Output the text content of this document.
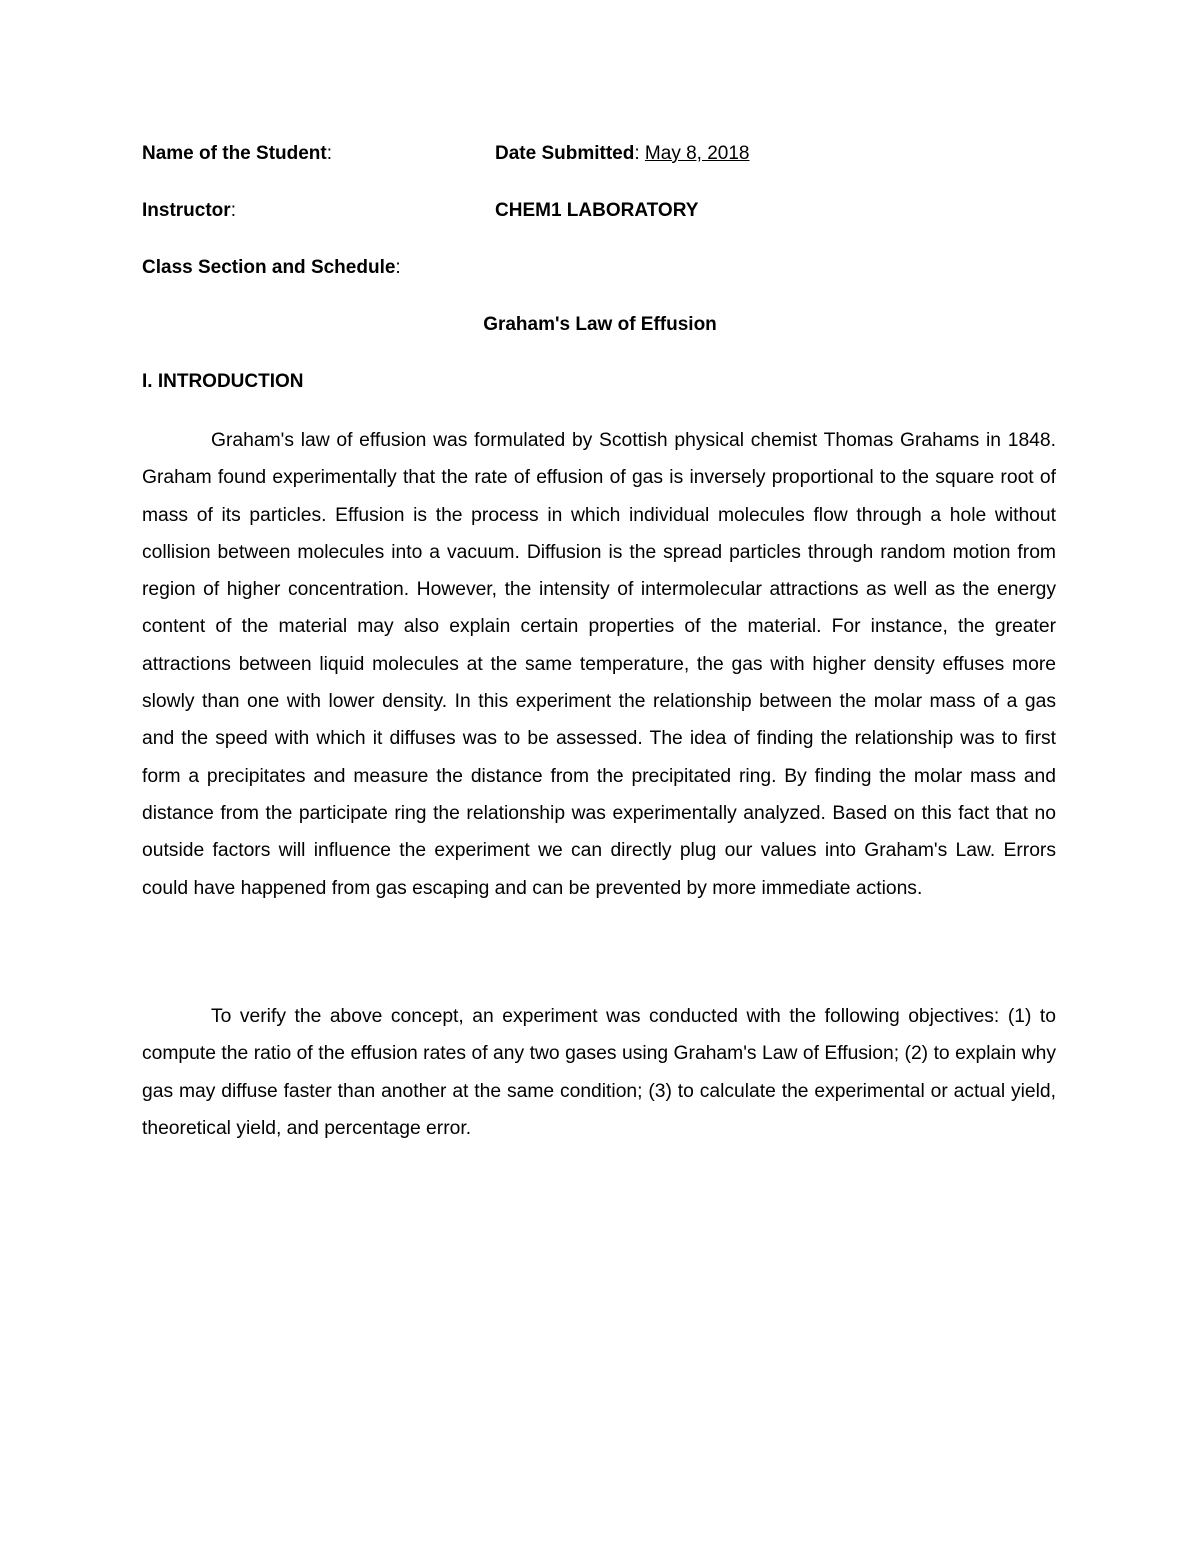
Name of the Student:	Date Submitted: May 8, 2018
Instructor:	CHEM1 LABORATORY
Class Section and Schedule:
Graham's Law of Effusion
I. INTRODUCTION

Graham's law of effusion was formulated by Scottish physical chemist Thomas Grahams in 1848. Graham found experimentally that the rate of effusion of gas is inversely proportional to the square root of mass of its particles. Effusion is the process in which individual molecules flow through a hole without collision between molecules into a vacuum. Diffusion is the spread particles through random motion from region of higher concentration. However, the intensity of intermolecular attractions as well as the energy content of the material may also explain certain properties of the material. For instance, the greater attractions between liquid molecules at the same temperature, the gas with higher density effuses more slowly than one with lower density. In this experiment the relationship between the molar mass of a gas and the speed with which it diffuses was to be assessed. The idea of finding the relationship was to first form a precipitates and measure the distance from the precipitated ring. By finding the molar mass and distance from the participate ring the relationship was experimentally analyzed. Based on this fact that no outside factors will influence the experiment we can directly plug our values into Graham's Law. Errors could have happened from gas escaping and can be prevented by more immediate actions.

To verify the above concept, an experiment was conducted with the following objectives: (1) to compute the ratio of the effusion rates of any two gases using Graham's Law of Effusion; (2) to explain why gas may diffuse faster than another at the same condition; (3) to calculate the experimental or actual yield, theoretical yield, and percentage error.
